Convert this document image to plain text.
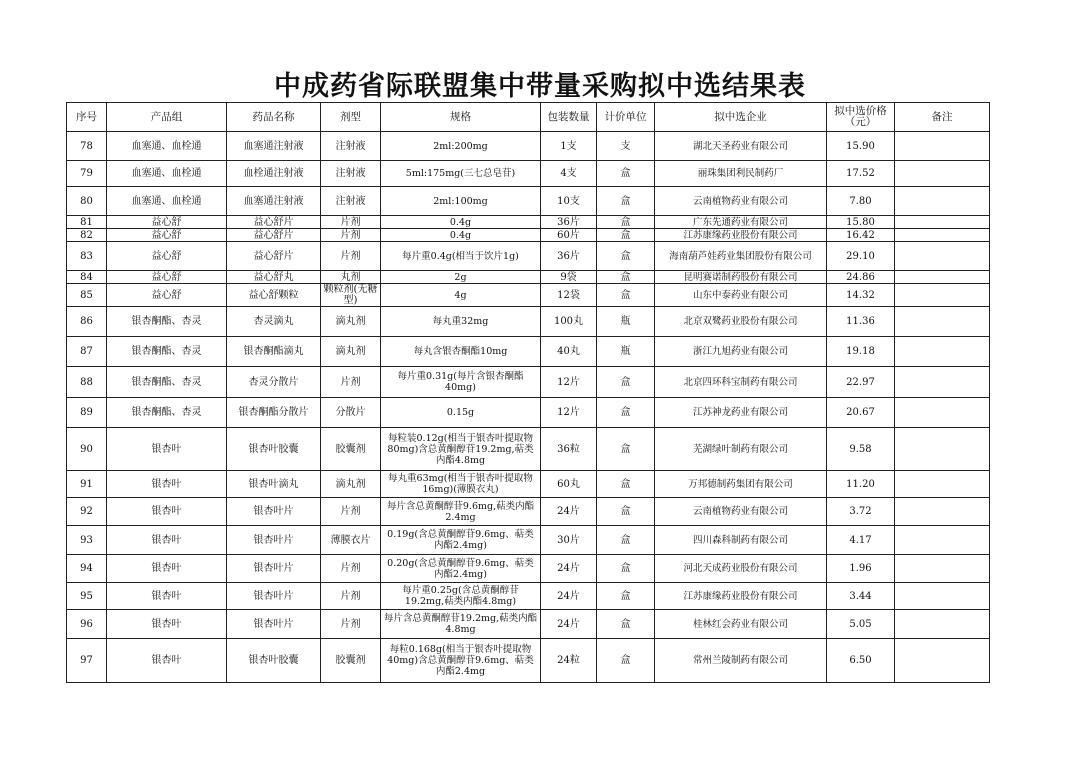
中成药省际联盟集中带量采购拟中选结果表
序号	产品组	药品名称	剂型	规格	包装数量	计价单位	拟中选企业	拟中选价格（元）	备注
78	血塞通、血栓通	血塞通注射液	注射液	2ml:200mg	1支	支	湖北天圣药业有限公司	15.90	
79	血塞通、血栓通	血栓通注射液	注射液	5ml:175mg(三七总皂苷)	4支	盒	丽珠集团利民制药厂	17.52	
80	血塞通、血栓通	血塞通注射液	注射液	2ml:100mg	10支	盒	云南植物药业有限公司	7.80	
81	益心舒	益心舒片	片剂	0.4g	36片	盒	广东先通药业有限公司	15.80	
82	益心舒	益心舒片	片剂	0.4g	60片	盒	江苏康缘药业股份有限公司	16.42	
83	益心舒	益心舒片	片剂	每片重0.4g(相当于饮片1g)	36片	盒	海南葫芦娃药业集团股份有限公司	29.10	
84	益心舒	益心舒丸	丸剂	2g	9袋	盒	昆明赛诺制药股份有限公司	24.86	
85	益心舒	益心舒颗粒	颗粒剂(无糖型)	4g	12袋	盒	山东中泰药业有限公司	14.32	
86	银杏酮酯、杏灵	杏灵滴丸	滴丸剂	每丸重32mg	100丸	瓶	北京双鹭药业股份有限公司	11.36	
87	银杏酮酯、杏灵	银杏酮酯滴丸	滴丸剂	每丸含银杏酮酯10mg	40丸	瓶	浙江九旭药业有限公司	19.18	
88	银杏酮酯、杏灵	杏灵分散片	片剂	每片重0.31g(每片含银杏酮酯40mg)	12片	盒	北京四环科宝制药有限公司	22.97	
89	银杏酮酯、杏灵	银杏酮酯分散片	分散片	0.15g	12片	盒	江苏神龙药业有限公司	20.67	
90	银杏叶	银杏叶胶囊	胶囊剂	每粒装0.12g(相当于银杏叶提取物80mg)含总黄酮醇苷19.2mg,萜类内酯4.8mg	36粒	盒	芜湖绿叶制药有限公司	9.58	
91	银杏叶	银杏叶滴丸	滴丸剂	每丸重63mg(相当于银杏叶提取物16mg)(薄膜衣丸)	60丸	盒	万邦德制药集团有限公司	11.20	
92	银杏叶	银杏叶片	片剂	每片含总黄酮醇苷9.6mg,萜类内酯2.4mg	24片	盒	云南植物药业有限公司	3.72	
93	银杏叶	银杏叶片	薄膜衣片	0.19g(含总黄酮醇苷9.6mg、萜类内酯2.4mg)	30片	盒	四川森科制药有限公司	4.17	
94	银杏叶	银杏叶片	片剂	0.20g(含总黄酮醇苷9.6mg、萜类内酯2.4mg)	24片	盒	河北天成药业股份有限公司	1.96	
95	银杏叶	银杏叶片	片剂	每片重0.25g(含总黄酮醇苷19.2mg,萜类内酯4.8mg)	24片	盒	江苏康缘药业股份有限公司	3.44	
96	银杏叶	银杏叶片	片剂	每片含总黄酮醇苷19.2mg,萜类内酯4.8mg	24片	盒	桂林红会药业有限公司	5.05	
97	银杏叶	银杏叶胶囊	胶囊剂	每粒0.168g(相当于银杏叶提取物40mg)含总黄酮醇苷9.6mg、萜类内酯2.4mg	24粒	盒	常州兰陵制药有限公司	6.50	
